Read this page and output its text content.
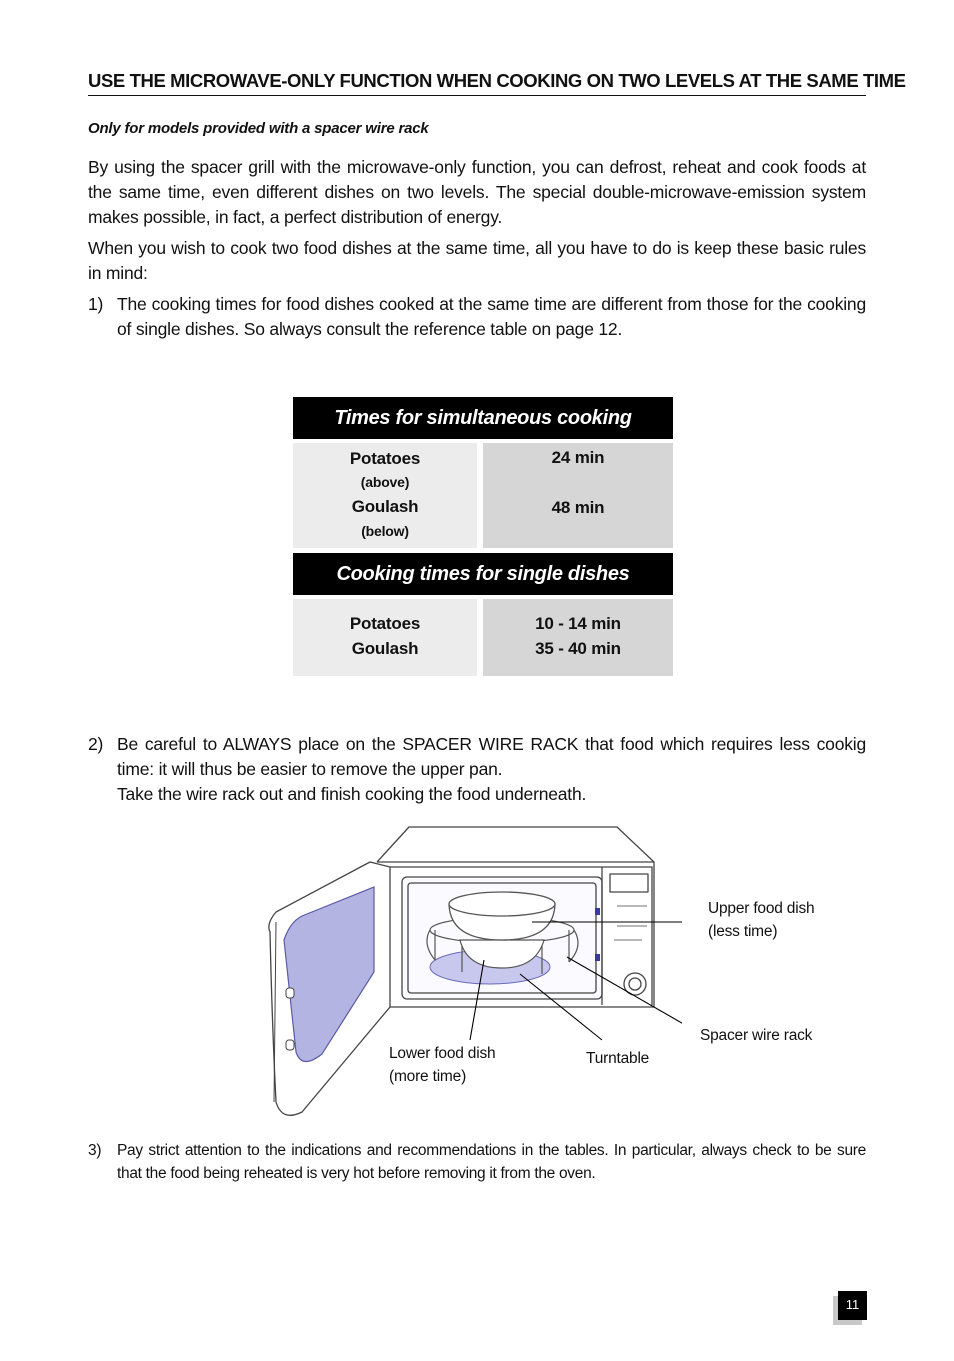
USE THE MICROWAVE-ONLY FUNCTION WHEN COOKING ON TWO LEVELS AT THE SAME TIME
Only for models provided with a spacer wire rack
By using the spacer grill with the microwave-only function, you can defrost, reheat and cook foods at the same time, even different dishes on two levels. The special double-microwave-emission system makes possible, in fact, a perfect distribution of energy.
When you wish to cook two food dishes at the same time, all you have to do is keep these basic rules in mind:
1) The cooking times for food dishes cooked at the same time are different from those for the cooking of single dishes. So always consult the reference table on page 12.
Times for simultaneous cooking
Potatoes
(above)
Goulash
(below)
24 min
48 min
Cooking times for single dishes
Potatoes
Goulash
10 - 14 min
35 - 40 min
2) Be careful to ALWAYS place on the SPACER WIRE RACK that food which requires less cookig time: it will thus be easier to remove the upper pan.
Take the wire rack out and finish cooking the food underneath.
Upper food dish
(less time)
Spacer wire rack
Turntable
Lower food dish
(more time)
3) Pay strict attention to the indications and recommendations in the tables. In particular, always check to be sure that the food being reheated is very hot before removing it from the oven.
11
